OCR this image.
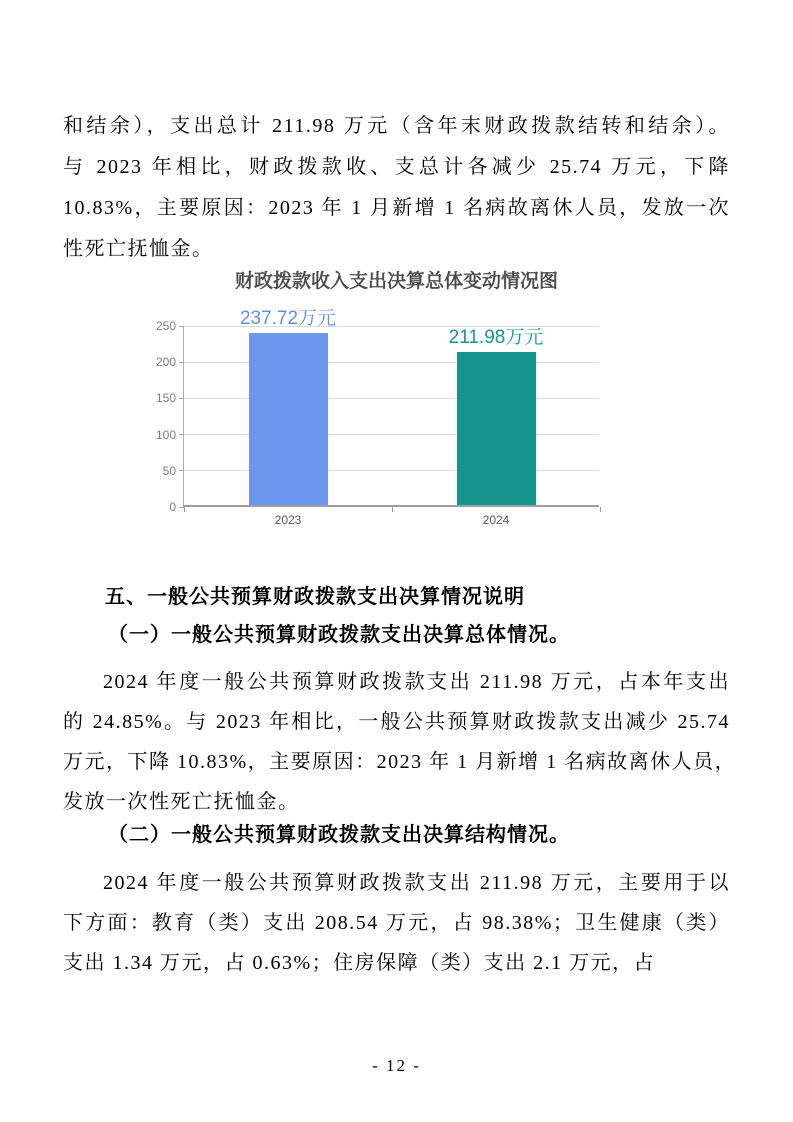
和结余），支出总计 211.98 万元（含年末财政拨款结转和结余）。
与 2023 年相比，财政拨款收、支总计各减少 25.74 万元，下降
10.83%，主要原因：2023 年 1 月新增 1 名病故离休人员，发放一次
性死亡抚恤金。
财政拨款收入支出决算总体变动情况图
0
50
100
150
200
250	237.72万元
2023
211.98万元
2024
五、一般公共预算财政拨款支出决算情况说明
（一）一般公共预算财政拨款支出决算总体情况。
2024 年度一般公共预算财政拨款支出 211.98 万元，占本年支出
的 24.85%。与 2023 年相比，一般公共预算财政拨款支出减少 25.74
万元，下降 10.83%，主要原因：2023 年 1 月新增 1 名病故离休人员，
发放一次性死亡抚恤金。
（二）一般公共预算财政拨款支出决算结构情况。
2024 年度一般公共预算财政拨款支出 211.98 万元，主要用于以
下方面：教育（类）支出 208.54 万元，占 98.38%；卫生健康（类）
支出 1.34 万元，占 0.63%；住房保障（类）支出 2.1 万元，占
- 12 -
